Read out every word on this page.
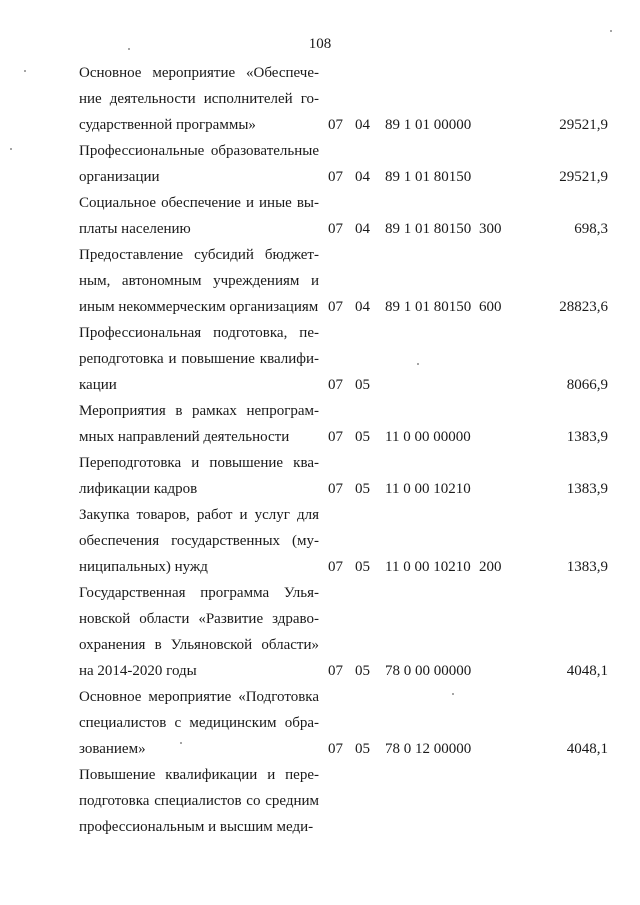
108
Основное мероприятие «Обеспече-
ние деятельности исполнителей го-
сударственной программы»	07 04 89 1 01 00000	29521,9
Профессиональные образовательные
организации	07 04 89 1 01 80150	29521,9
Социальное обеспечение и иные вы-
платы населению	07 04 89 1 01 80150 300	698,3
Предоставление субсидий бюджет-
ным, автономным учреждениям и
иным некоммерческим организациям 07 04 89 1 01 80150 600	28823,6
Профессиональная подготовка, пе-
реподготовка и повышение квалифи-
кации	07 05	8066,9
Мероприятия в рамках непрограм-
мных направлений деятельности	07 05 11 0 00 00000	1383,9
Переподготовка и повышение ква-
лификации кадров	07 05 11 0 00 10210	1383,9
Закупка товаров, работ и услуг для
обеспечения государственных (му-
ниципальных) нужд	07 05 11 0 00 10210 200	1383,9
Государственная программа Улья-
новской области «Развитие здраво-
охранения в Ульяновской области»
на 2014-2020 годы	07 05 78 0 00 00000	4048,1
Основное мероприятие «Подготовка
специалистов с медицинским обра-
зованием»	07 05 78 0 12 00000	4048,1
Повышение квалификации и пере-
подготовка специалистов со средним
профессиональным и высшим меди-
